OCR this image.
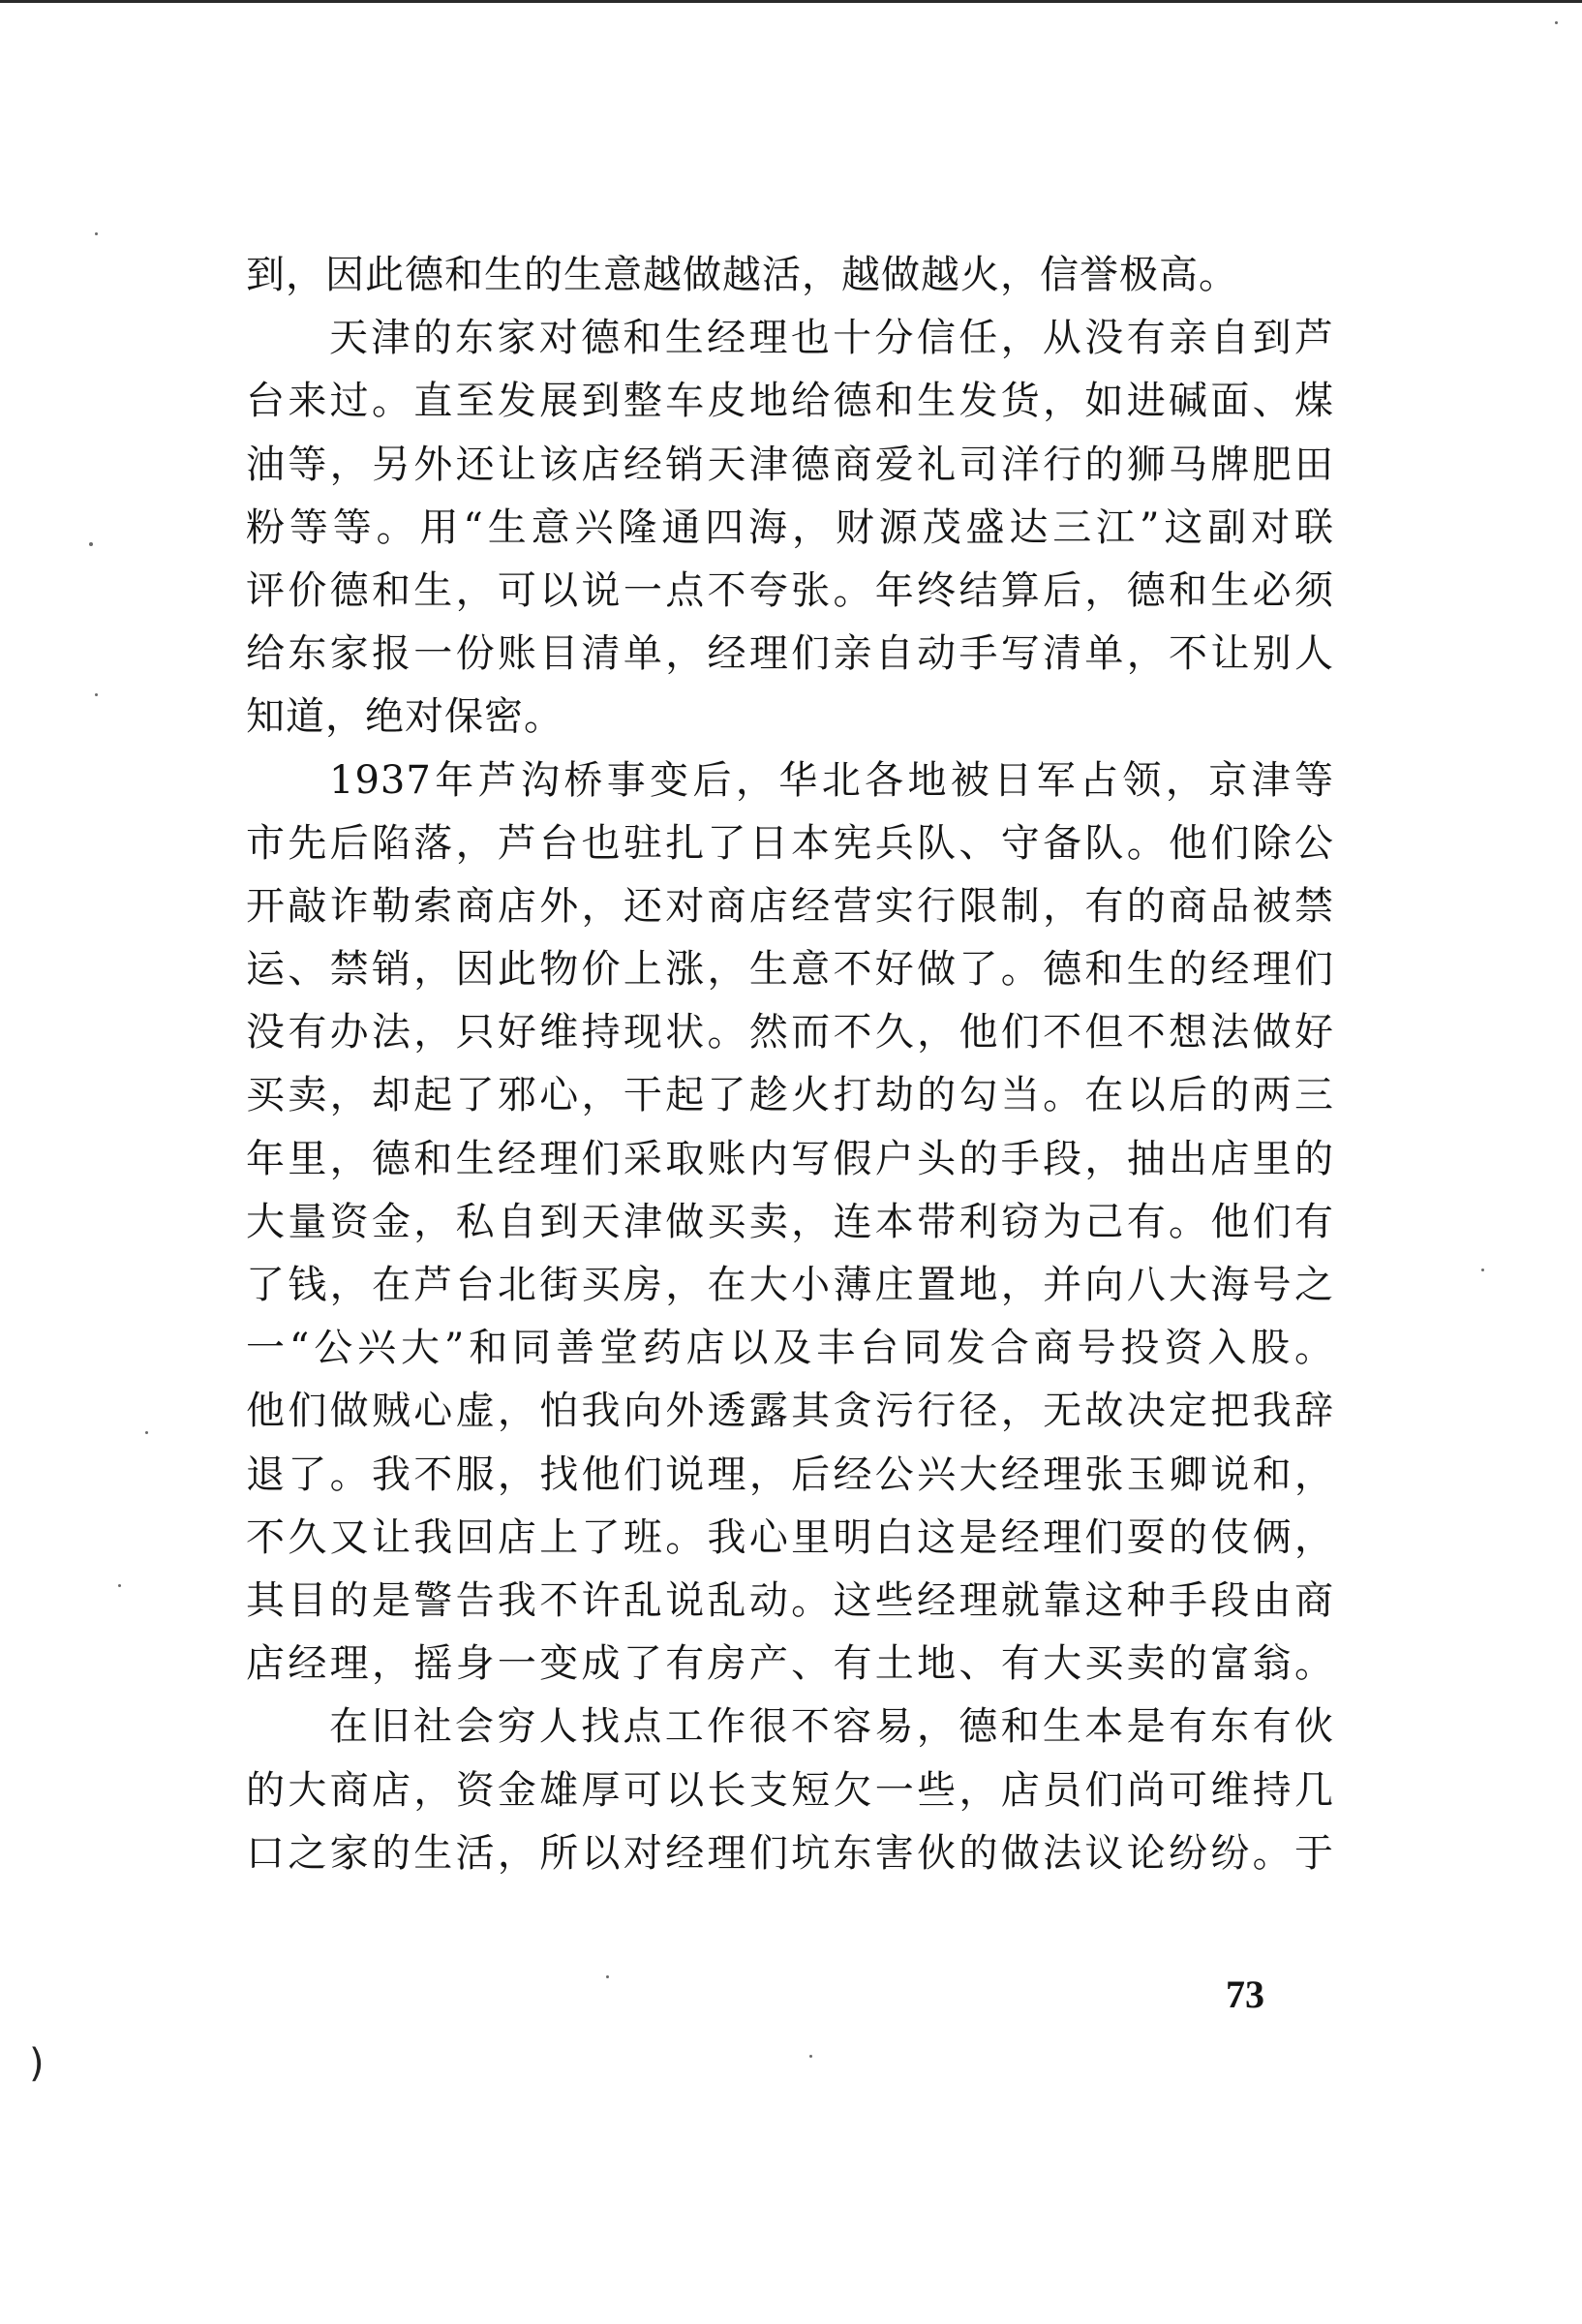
到，因此德和生的生意越做越活，越做越火，信誉极高。
天津的东家对德和生经理也十分信任，从没有亲自到芦
台来过。直至发展到整车皮地给德和生发货，如进碱面、煤
油等，另外还让该店经销天津德商爱礼司洋行的狮马牌肥田
粉等等。用“生意兴隆通四海，财源茂盛达三江”这副对联
评价德和生，可以说一点不夸张。年终结算后，德和生必须
给东家报一份账目清单，经理们亲自动手写清单，不让别人
知道，绝对保密。
1937年芦沟桥事变后，华北各地被日军占领，京津等
市先后陷落，芦台也驻扎了日本宪兵队、守备队。他们除公
开敲诈勒索商店外，还对商店经营实行限制，有的商品被禁
运、禁销，因此物价上涨，生意不好做了。德和生的经理们
没有办法，只好维持现状。然而不久，他们不但不想法做好
买卖，却起了邪心，干起了趁火打劫的勾当。在以后的两三
年里，德和生经理们采取账内写假户头的手段，抽出店里的
大量资金，私自到天津做买卖，连本带利窃为己有。他们有
了钱，在芦台北街买房，在大小薄庄置地，并向八大海号之
一“公兴大”和同善堂药店以及丰台同发合商号投资入股。
他们做贼心虚，怕我向外透露其贪污行径，无故决定把我辞
退了。我不服，找他们说理，后经公兴大经理张玉卿说和，
不久又让我回店上了班。我心里明白这是经理们耍的伎俩，
其目的是警告我不许乱说乱动。这些经理就靠这种手段由商
店经理，摇身一变成了有房产、有土地、有大买卖的富翁。
在旧社会穷人找点工作很不容易，德和生本是有东有伙
的大商店，资金雄厚可以长支短欠一些，店员们尚可维持几
口之家的生活，所以对经理们坑东害伙的做法议论纷纷。于
73
)
